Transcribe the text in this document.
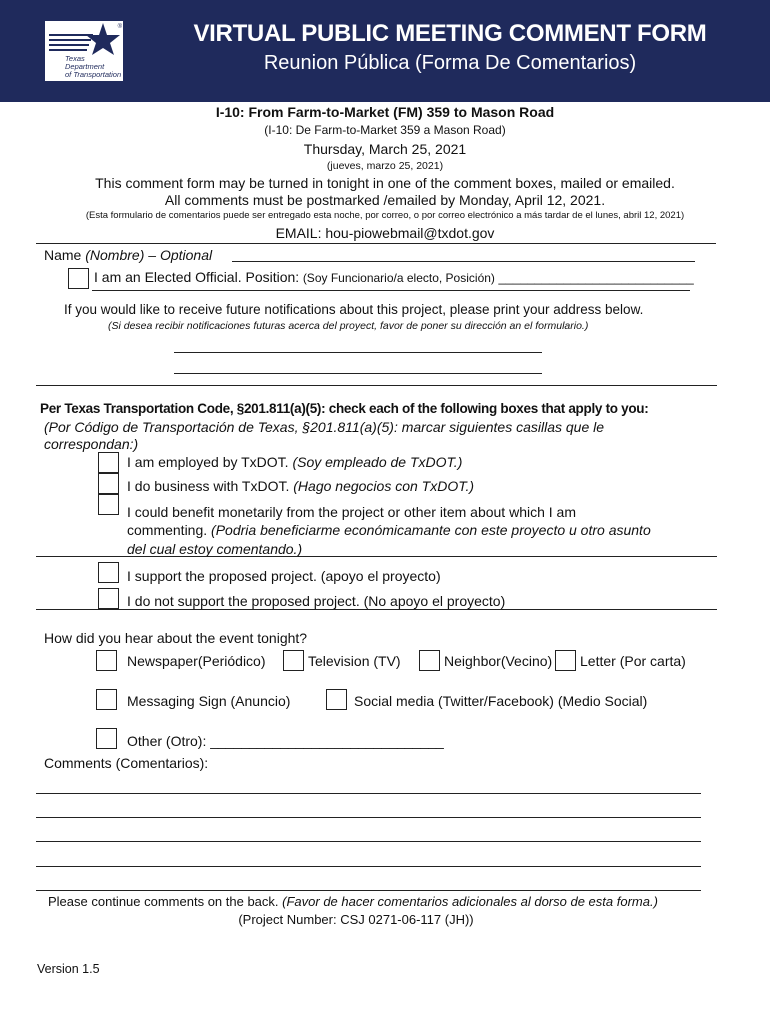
®
Texas
Department
of Transportation
VIRTUAL PUBLIC MEETING COMMENT FORM
Reunion Pública (Forma De Comentarios)
I-10: From Farm-to-Market (FM) 359 to Mason Road
(I-10: De Farm-to-Market 359 a Mason Road)
Thursday, March 25, 2021
(jueves, marzo 25, 2021)
This comment form may be turned in tonight in one of the comment boxes, mailed or emailed.
All comments must be postmarked /emailed by Monday, April 12, 2021.
(Esta formulario de comentarios puede ser entregado esta noche, por correo, o por correo electrónico a más tardar de el lunes, abril 12, 2021)
EMAIL: hou-piowebmail@txdot.gov
Name (Nombre) – Optional
I am an Elected Official. Position: (Soy Funcionario/a electo, Posición) ___________________________
If you would like to receive future notifications about this project, please print your address below.
(Si desea recibir notificaciones futuras acerca del proyect, favor de poner su dirección an el formulario.)
Per Texas Transportation Code, §201.811(a)(5): check each of the following boxes that apply to you:
(Por Código de Transportación de Texas, §201.811(a)(5): marcar siguientes casillas que le
correspondan:)
I am employed by TxDOT. (Soy empleado de TxDOT.)
I do business with TxDOT. (Hago negocios con TxDOT.)
I could benefit monetarily from the project or other item about which I am
commenting. (Podria beneficiarme económicamante con este proyecto u otro asunto
del cual estoy comentando.)
I support the proposed project. (apoyo el proyecto)
I do not support the proposed project. (No apoyo el proyecto)
How did you hear about the event tonight?
Newspaper(Periódico)	Television (TV)	Neighbor(Vecino) Letter (Por carta)
Messaging Sign (Anuncio)	Social media (Twitter/Facebook) (Medio Social)
Other (Otro): ______________________________
Comments (Comentarios):
Please continue comments on the back. (Favor de hacer comentarios adicionales al dorso de esta forma.)
(Project Number: CSJ 0271-06-117 (JH))
Version 1.5
